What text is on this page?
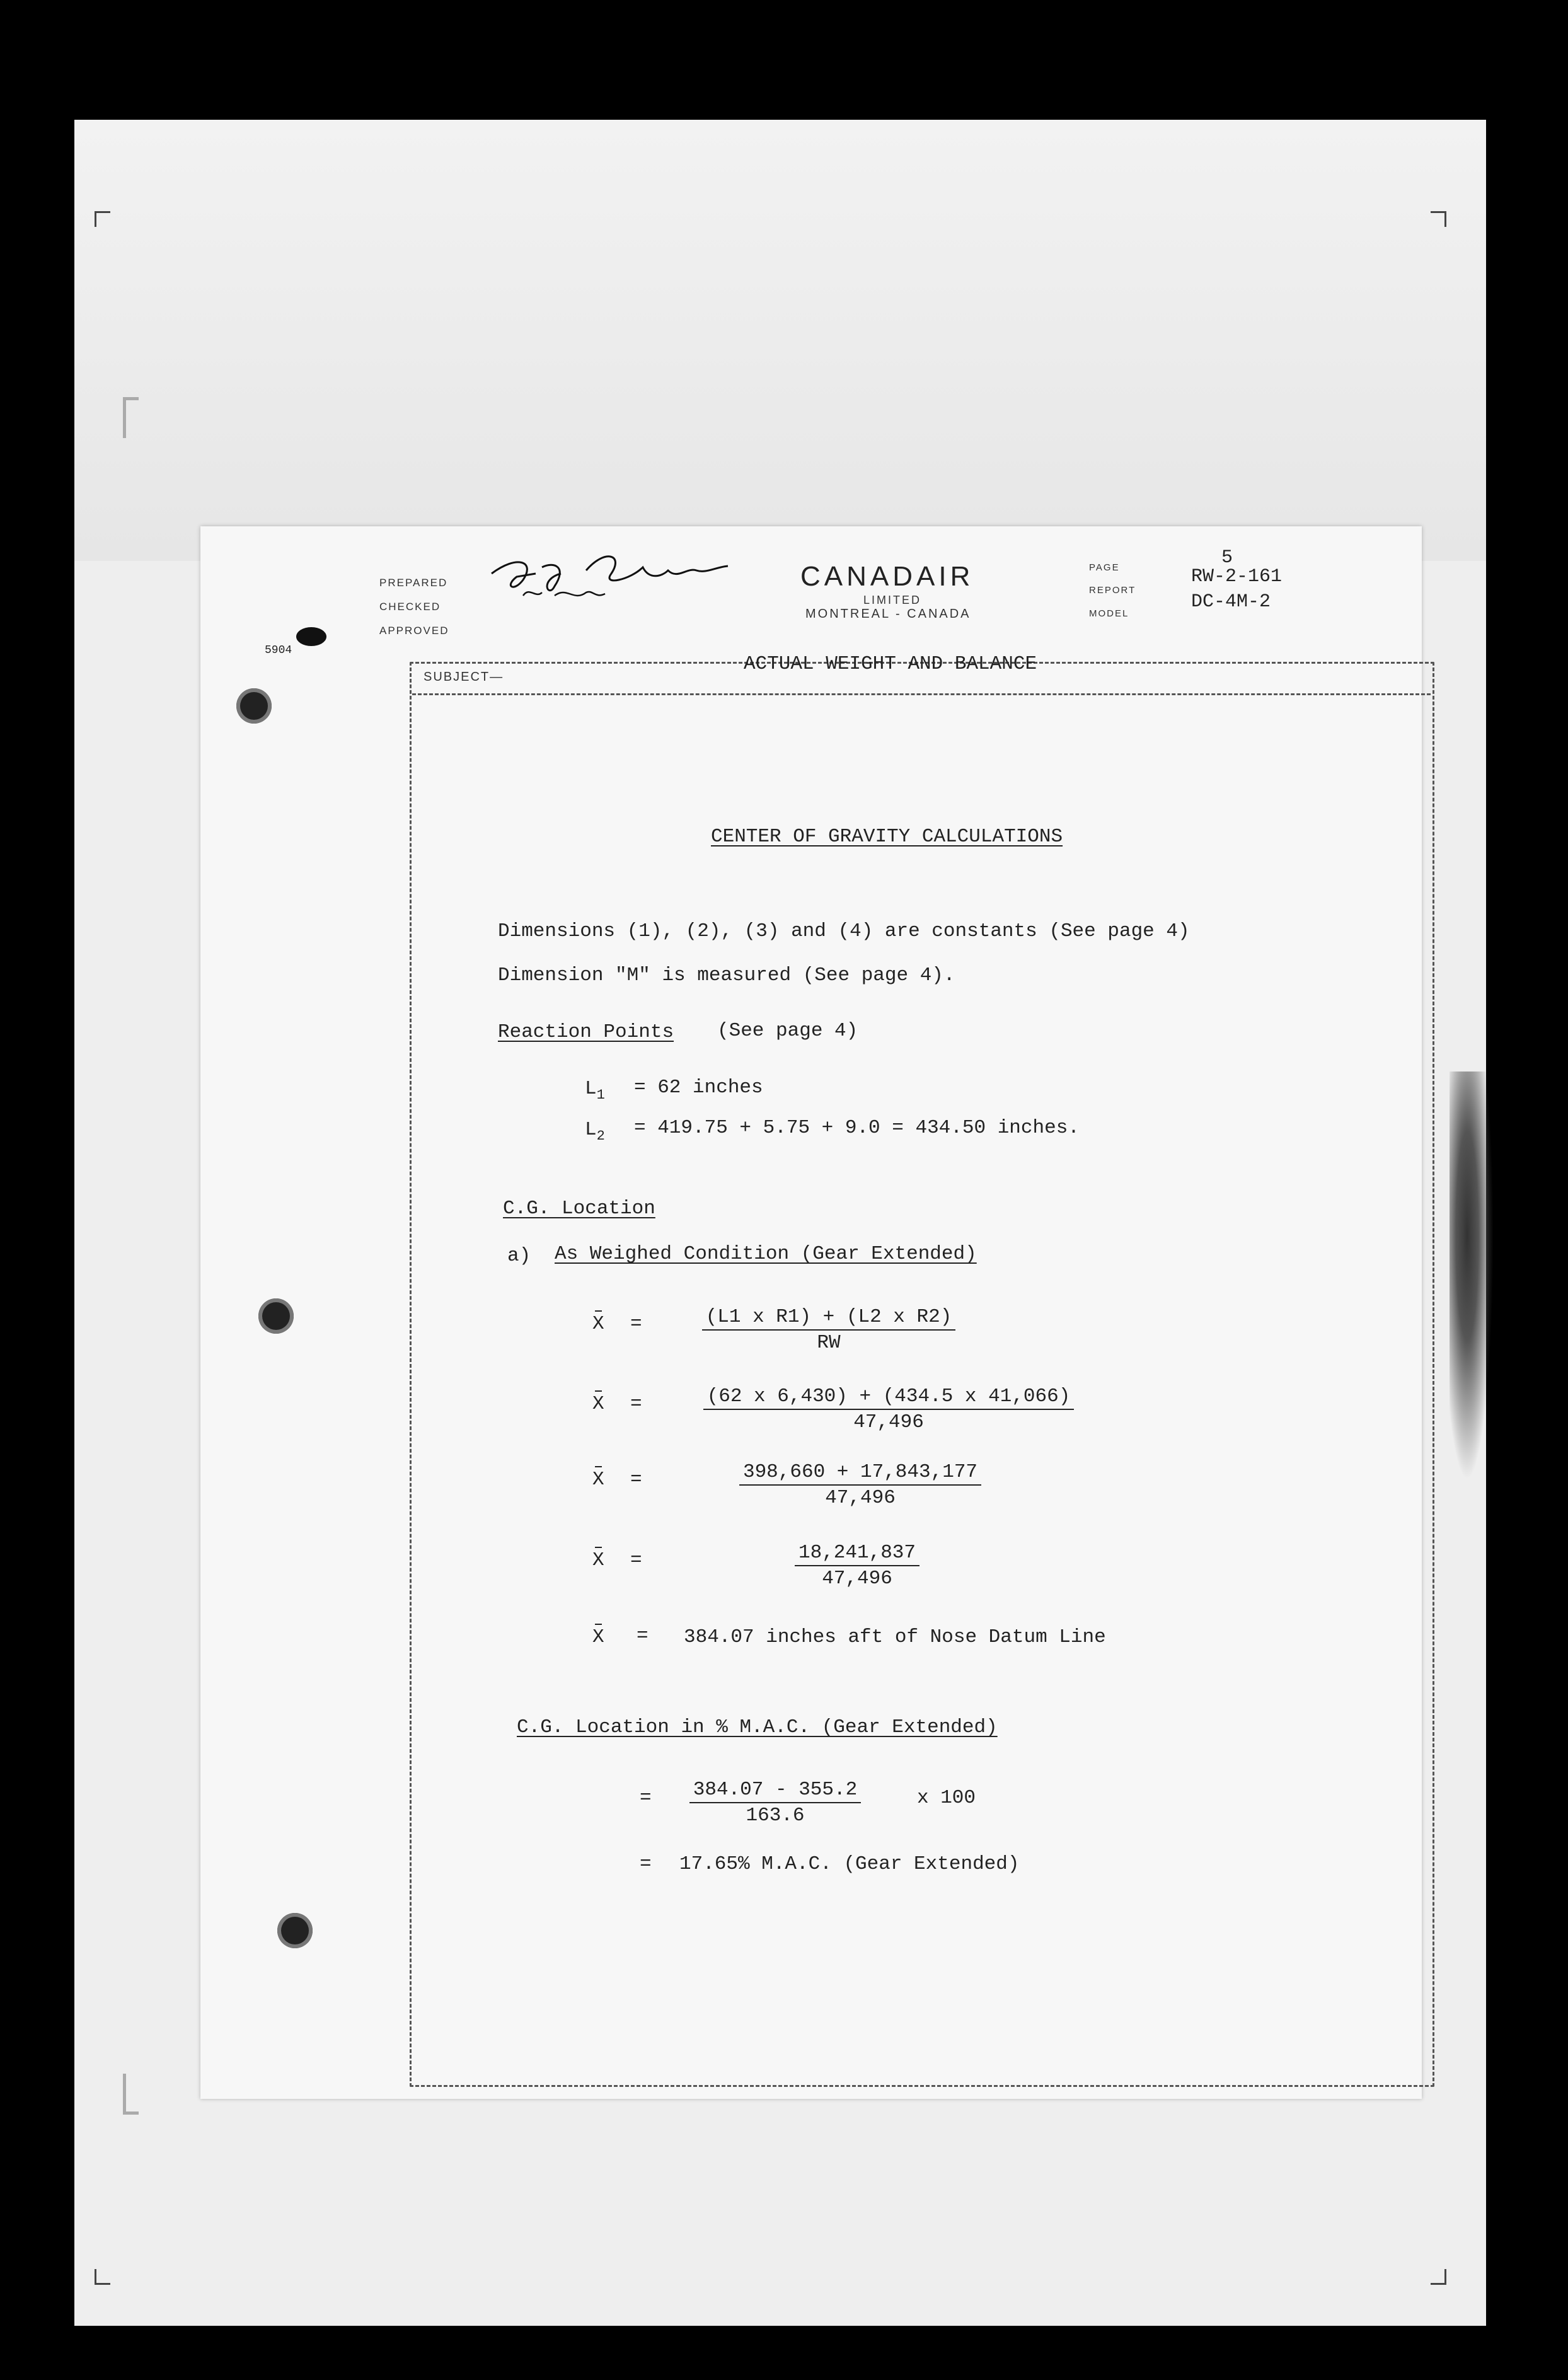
PREPARED
CHECKED
APPROVED
CANADAIR
LIMITED
MONTREAL - CANADA
PAGE
REPORT
MODEL
5
RW-2-161
DC-4M-2
5904
SUBJECT—
ACTUAL WEIGHT AND BALANCE
CENTER OF GRAVITY CALCULATIONS
Dimensions (1), (2), (3) and (4) are constants (See page 4)
Dimension "M" is measured (See page 4).
Reaction Points (See page 4)
$L_1 = 62$ inches
$L_2 = 419.75 + 5.75 + 9.0 = 434.50$ inches.
C.G. Location
a) As Weighed Condition (Gear Extended)
$X = \frac{\text{(L1 x R1) + (L2 x R2)}}{RW}$
$X = \frac{(62 x 6,430) + (434.5 x 41,066)}{47,496}$
X =	$\frac{398,660 + 17,843,177}{47,496}$
X =	$\frac{18,241,837}{47,496}$
X = 384.07 inches aft of Nose Datum Line
C.G. Location in % M.A.C. (Gear Extended)
= $\frac{384.07 - 355.2}{163.6}$ x 100
= 17.65% M.A.C. (Gear Extended)
